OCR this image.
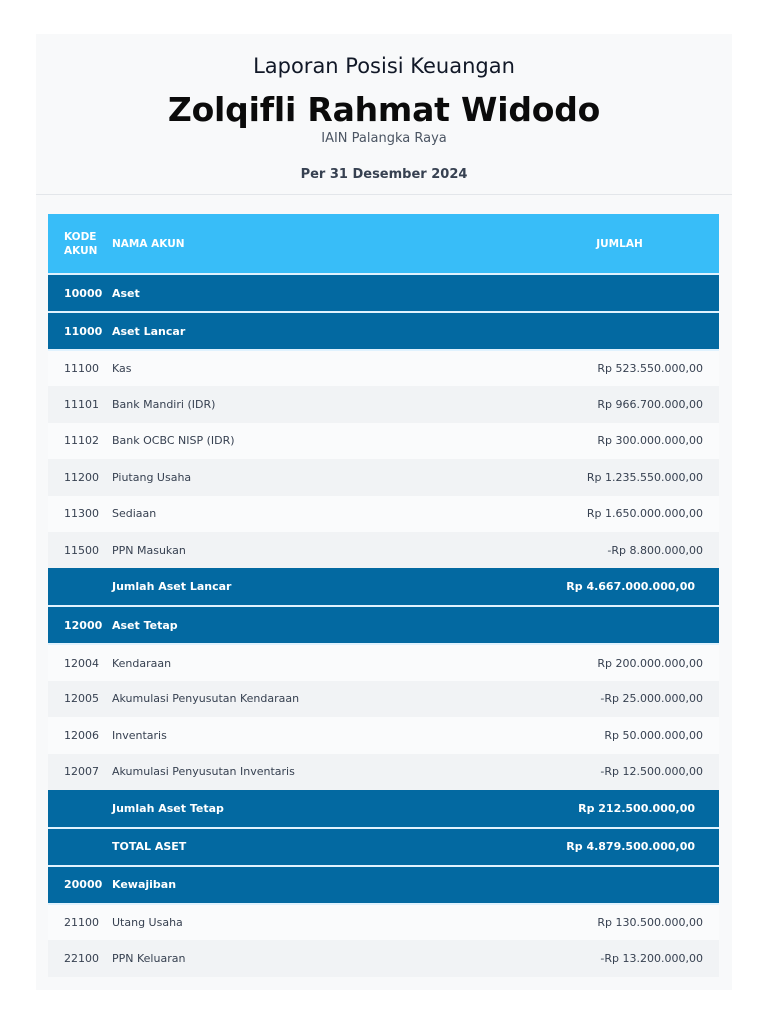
Laporan Posisi Keuangan
Zolqifli Rahmat Widodo
IAIN Palangka Raya
Per 31 Desember 2024
KODE AKUN	NAMA AKUN	JUMLAH
10000	Aset	
11000	Aset Lancar	
11100	Kas	Rp 523.550.000,00
11101	Bank Mandiri (IDR)	Rp 966.700.000,00
11102	Bank OCBC NISP (IDR)	Rp 300.000.000,00
11200	Piutang Usaha	Rp 1.235.550.000,00
11300	Sediaan	Rp 1.650.000.000,00
11500	PPN Masukan	-Rp 8.800.000,00
	Jumlah Aset Lancar	Rp 4.667.000.000,00
12000	Aset Tetap	
12004	Kendaraan	Rp 200.000.000,00
12005	Akumulasi Penyusutan Kendaraan	-Rp 25.000.000,00
12006	Inventaris	Rp 50.000.000,00
12007	Akumulasi Penyusutan Inventaris	-Rp 12.500.000,00
	Jumlah Aset Tetap	Rp 212.500.000,00
	TOTAL ASET	Rp 4.879.500.000,00
20000	Kewajiban	
21100	Utang Usaha	Rp 130.500.000,00
22100	PPN Keluaran	-Rp 13.200.000,00
